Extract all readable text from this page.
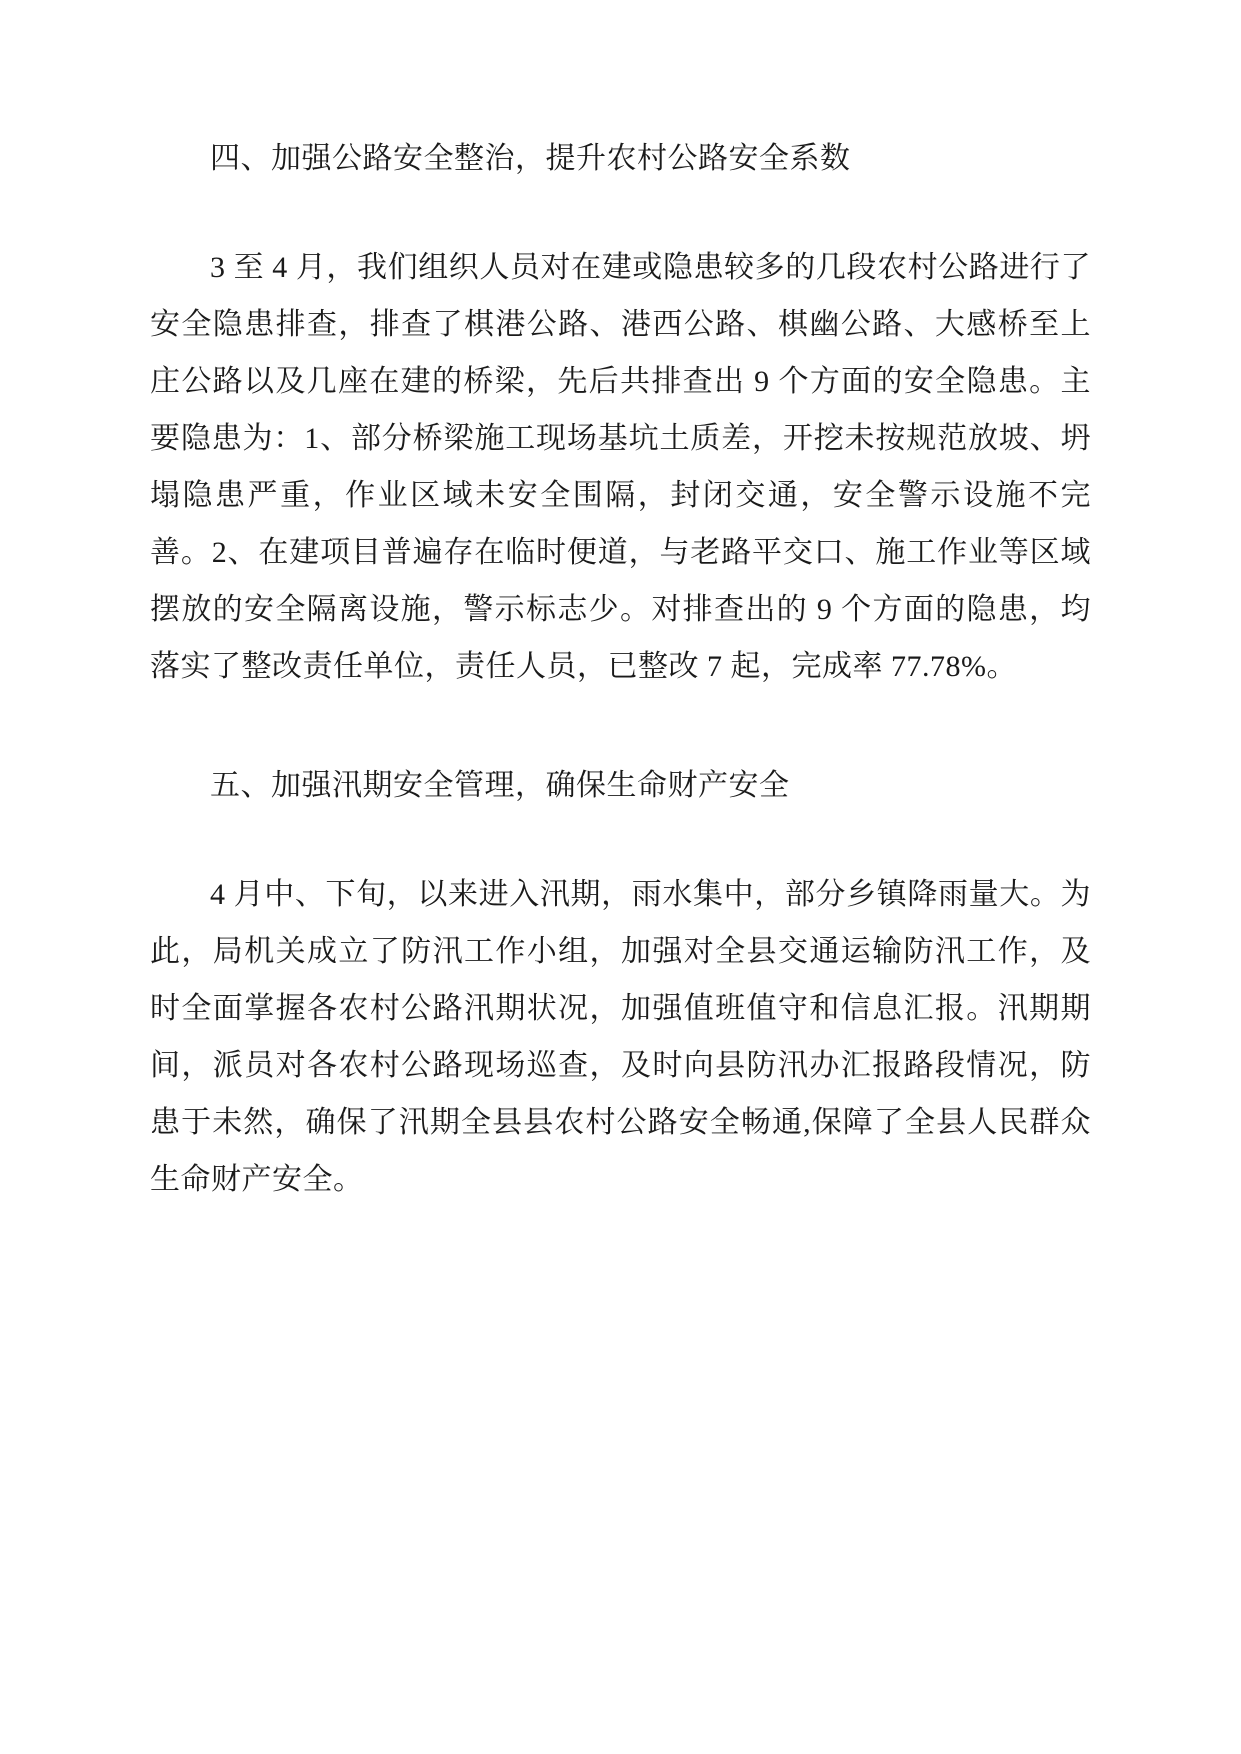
四、加强公路安全整治，提升农村公路安全系数

3 至 4 月，我们组织人员对在建或隐患较多的几段农村公路进行了安全隐患排查，排查了棋港公路、港西公路、棋幽公路、大感桥至上庄公路以及几座在建的桥梁，先后共排查出 9 个方面的安全隐患。主要隐患为：1、部分桥梁施工现场基坑土质差，开挖未按规范放坡、坍塌隐患严重，作业区域未安全围隔，封闭交通，安全警示设施不完善。2、在建项目普遍存在临时便道，与老路平交口、施工作业等区域摆放的安全隔离设施，警示标志少。对排查出的 9 个方面的隐患，均落实了整改责任单位，责任人员，已整改 7 起，完成率 77.78%。

五、加强汛期安全管理，确保生命财产安全

4 月中、下旬，以来进入汛期，雨水集中，部分乡镇降雨量大。为此，局机关成立了防汛工作小组，加强对全县交通运输防汛工作，及时全面掌握各农村公路汛期状况，加强值班值守和信息汇报。汛期期间，派员对各农村公路现场巡查，及时向县防汛办汇报路段情况，防患于未然，确保了汛期全县县农村公路安全畅通,保障了全县人民群众生命财产安全。
